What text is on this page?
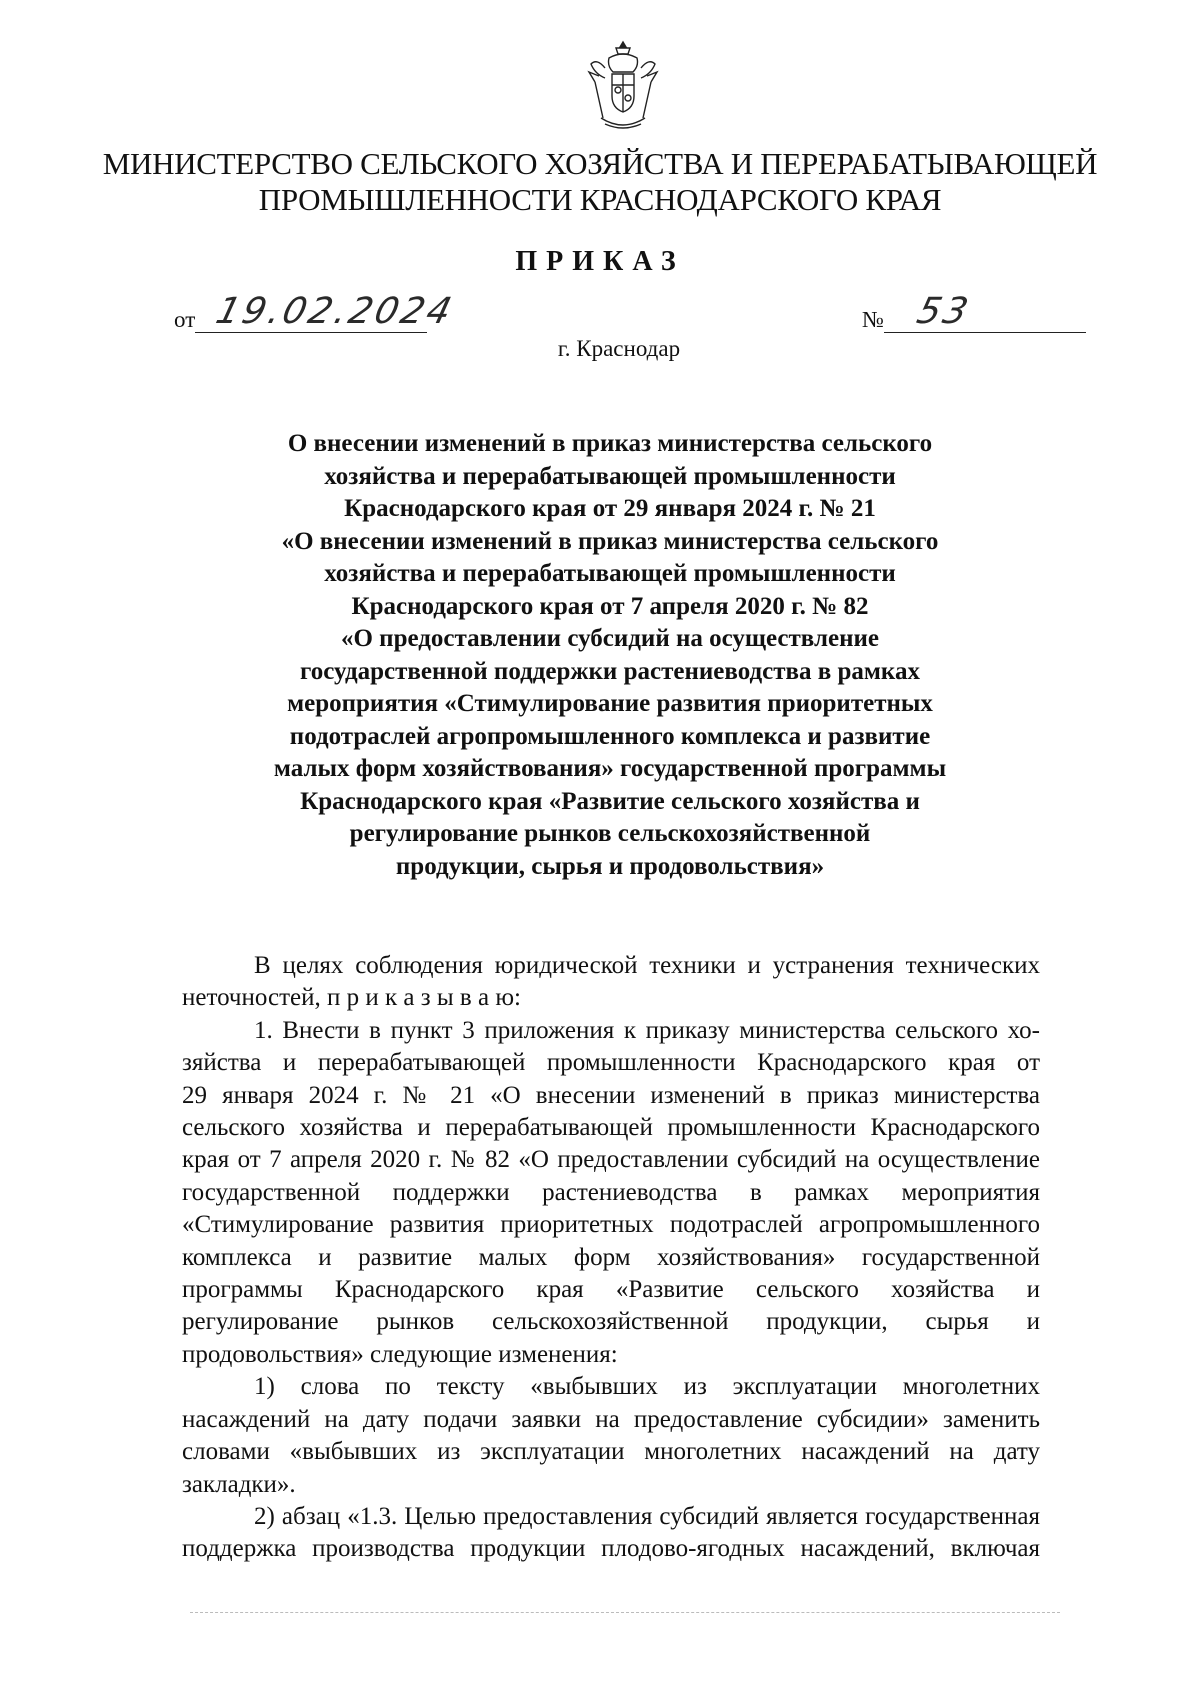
МИНИСТЕРСТВО СЕЛЬСКОГО ХОЗЯЙСТВА И ПЕРЕРАБАТЫВАЮЩЕЙ
ПРОМЫШЛЕННОСТИ КРАСНОДАРСКОГО КРАЯ
ПРИКАЗ
от 19.02.2024	№ 53
г. Краснодар
О внесении изменений в приказ министерства сельского
хозяйства и перерабатывающей промышленности
Краснодарского края от 29 января 2024 г. № 21
«О внесении изменений в приказ министерства сельского
хозяйства и перерабатывающей промышленности
Краснодарского края от 7 апреля 2020 г. № 82
«О предоставлении субсидий на осуществление
государственной поддержки растениеводства в рамках
мероприятия «Стимулирование развития приоритетных
подотраслей агропромышленного комплекса и развитие
малых форм хозяйствования» государственной программы
Краснодарского края «Развитие сельского хозяйства и
регулирование рынков сельскохозяйственной
продукции, сырья и продовольствия»
В целях соблюдения юридической техники и устранения технических
неточностей, п р и к а з ы в а ю:
1. Внести в пункт 3 приложения к приказу министерства сельского хо-
зяйства и перерабатывающей промышленности Краснодарского края от
29 января 2024 г. № 21 «О внесении изменений в приказ министерства
сельского хозяйства и перерабатывающей промышленности Краснодарского
края от 7 апреля 2020 г. № 82 «О предоставлении субсидий на осуществление
государственной поддержки растениеводства в рамках мероприятия
«Стимулирование развития приоритетных подотраслей агропромышленного
комплекса и развитие малых форм хозяйствования» государственной
программы Краснодарского края «Развитие сельского хозяйства и
регулирование рынков сельскохозяйственной продукции, сырья и
продовольствия» следующие изменения:
1) слова по тексту «выбывших из эксплуатации многолетних
насаждений на дату подачи заявки на предоставление субсидии» заменить
словами «выбывших из эксплуатации многолетних насаждений на дату
закладки».
2) абзац «1.3. Целью предоставления субсидий является государственная
поддержка производства продукции плодово-ягодных насаждений, включая
